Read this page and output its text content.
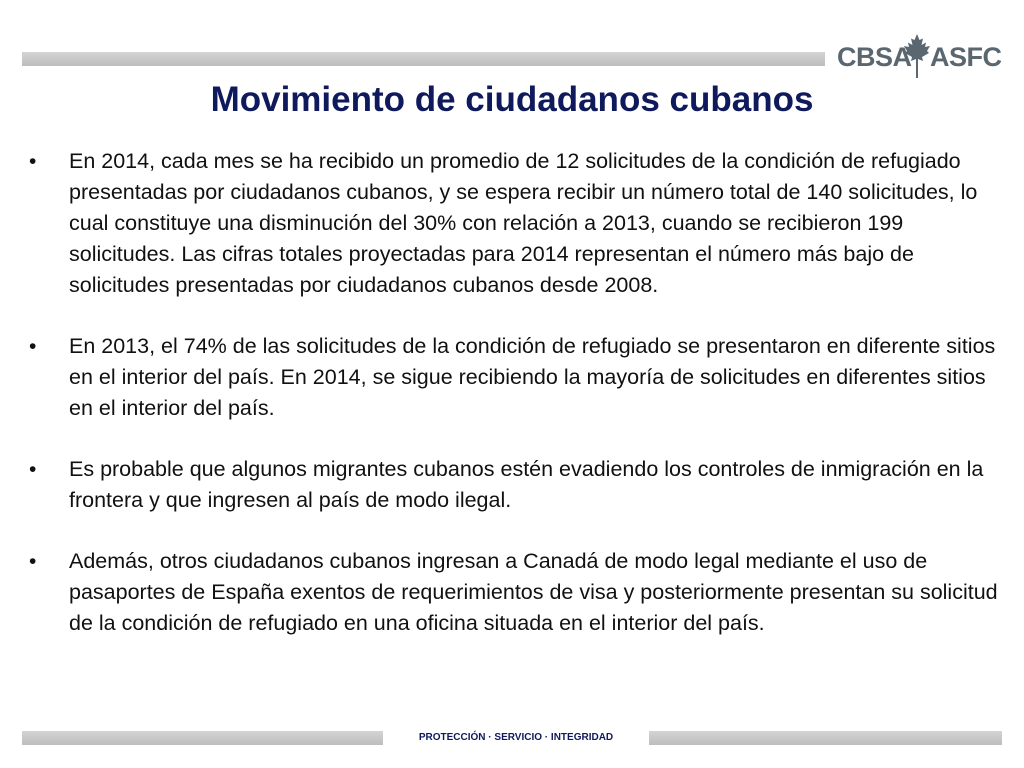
CBSA ASFC
Movimiento de ciudadanos cubanos
• En 2014, cada mes se ha recibido un promedio de 12 solicitudes de la condición de refugiado presentadas por ciudadanos cubanos, y se espera recibir un número total de 140 solicitudes, lo cual constituye una disminución del 30% con relación a 2013, cuando se recibieron 199 solicitudes. Las cifras totales proyectadas para 2014 representan el número más bajo de solicitudes presentadas por ciudadanos cubanos desde 2008.
• En 2013, el 74% de las solicitudes de la condición de refugiado se presentaron en diferente sitios en el interior del país. En 2014, se sigue recibiendo la mayoría de solicitudes en diferentes sitios en el interior del país.
• Es probable que algunos migrantes cubanos estén evadiendo los controles de inmigración en la frontera y que ingresen al país de modo ilegal.
• Además, otros ciudadanos cubanos ingresan a Canadá de modo legal mediante el uso de pasaportes de España exentos de requerimientos de visa y posteriormente presentan su solicitud de la condición de refugiado en una oficina situada en el interior del país.
PROTECCIÓN · SERVICIO · INTEGRIDAD
